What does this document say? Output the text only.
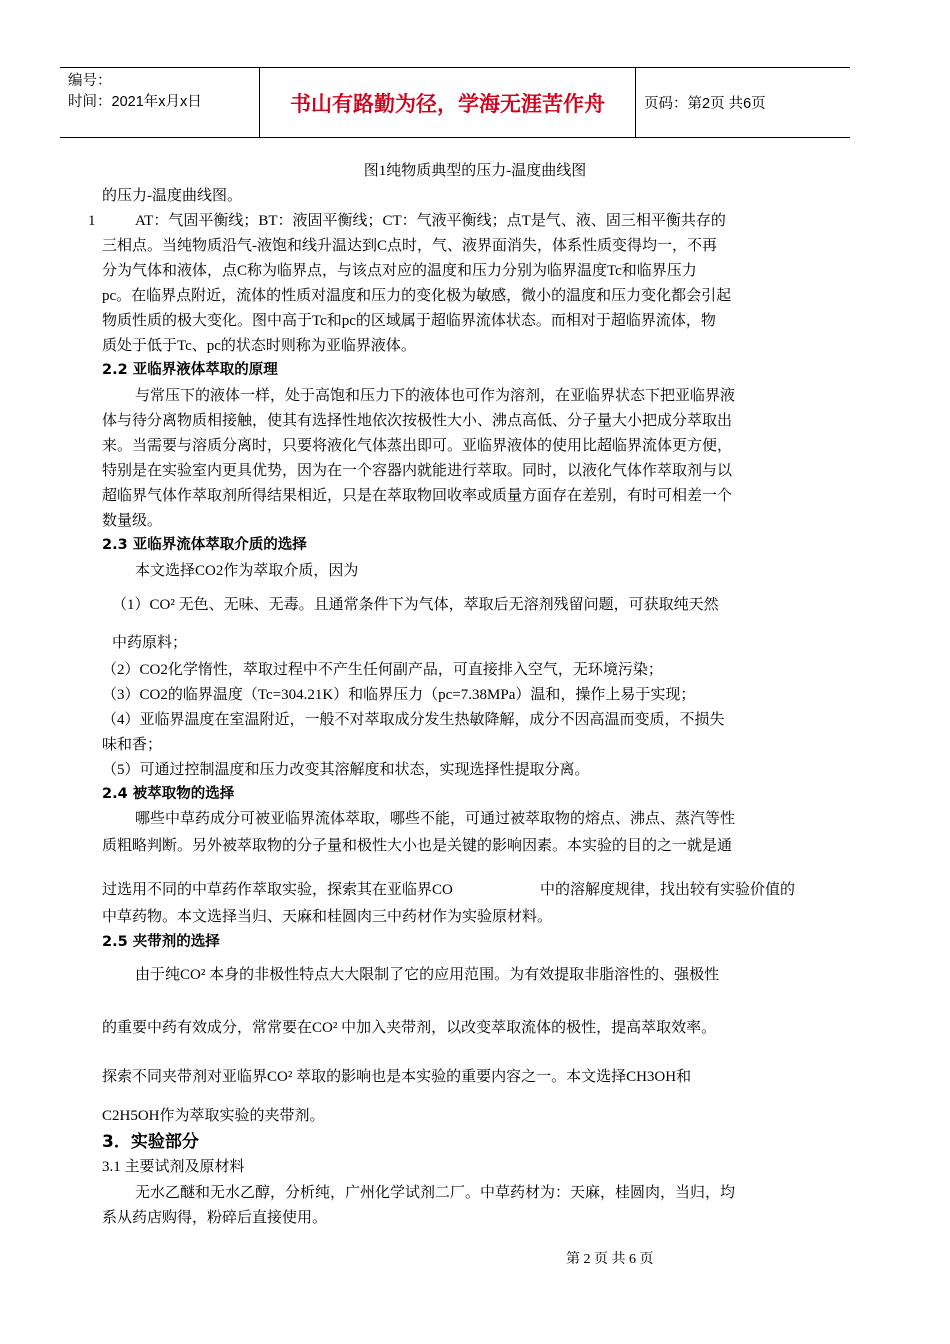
编号：
时间：2021年x月x日	书山有路勤为径，学海无涯苦作舟	页码：第2页 共6页
图1纯物质典型的压力-温度曲线图
的压力-温度曲线图。
1	AT：气固平衡线；BT：液固平衡线；CT：气液平衡线；点T是气、液、固三相平衡共存的
三相点。当纯物质沿气-液饱和线升温达到C点时，气、液界面消失，体系性质变得均一，不再
分为气体和液体，点C称为临界点，与该点对应的温度和压力分别为临界温度Tc和临界压力
pc。在临界点附近，流体的性质对温度和压力的变化极为敏感，微小的温度和压力变化都会引起
物质性质的极大变化。图中高于Tc和pc的区域属于超临界流体状态。而相对于超临界流体，物
质处于低于Tc、pc的状态时则称为亚临界液体。
2.2 亚临界液体萃取的原理
与常压下的液体一样，处于高饱和压力下的液体也可作为溶剂，在亚临界状态下把亚临界液
体与待分离物质相接触，使其有选择性地依次按极性大小、沸点高低、分子量大小把成分萃取出
来。当需要与溶质分离时，只要将液化气体蒸出即可。亚临界液体的使用比超临界流体更方便，
特别是在实验室内更具优势，因为在一个容器内就能进行萃取。同时，以液化气体作萃取剂与以
超临界气体作萃取剂所得结果相近，只是在萃取物回收率或质量方面存在差别，有时可相差一个
数量级。
2.3 亚临界流体萃取介质的选择
本文选择CO2作为萃取介质，因为
（1）CO² 无色、无味、无毒。且通常条件下为气体，萃取后无溶剂残留问题，可获取纯天然
中药原料；
（2）CO2化学惰性，萃取过程中不产生任何副产品，可直接排入空气，无环境污染；
（3）CO2的临界温度（Tc=304.21K）和临界压力（pc=7.38MPa）温和，操作上易于实现；
（4）亚临界温度在室温附近，一般不对萃取成分发生热敏降解，成分不因高温而变质，不损失
味和香；
（5）可通过控制温度和压力改变其溶解度和状态，实现选择性提取分离。
2.4 被萃取物的选择
哪些中草药成分可被亚临界流体萃取，哪些不能，可通过被萃取物的熔点、沸点、蒸汽等性
质粗略判断。另外被萃取物的分子量和极性大小也是关键的影响因素。本实验的目的之一就是通
过选用不同的中草药作萃取实验，探索其在亚临界CO	中的溶解度规律，找出较有实验价值的
中草药物。本文选择当归、天麻和桂圆肉三中药材作为实验原材料。
2.5 夹带剂的选择
由于纯CO² 本身的非极性特点大大限制了它的应用范围。为有效提取非脂溶性的、强极性
的重要中药有效成分，常常要在CO² 中加入夹带剂，以改变萃取流体的极性，提高萃取效率。
探索不同夹带剂对亚临界CO² 萃取的影响也是本实验的重要内容之一。本文选择CH3OH和
C2H5OH作为萃取实验的夹带剂。
3．实验部分
3.1 主要试剂及原材料
无水乙醚和无水乙醇，分析纯，广州化学试剂二厂。中草药材为：天麻，桂圆肉，当归，均
系从药店购得，粉碎后直接使用。
第 2 页 共 6 页
